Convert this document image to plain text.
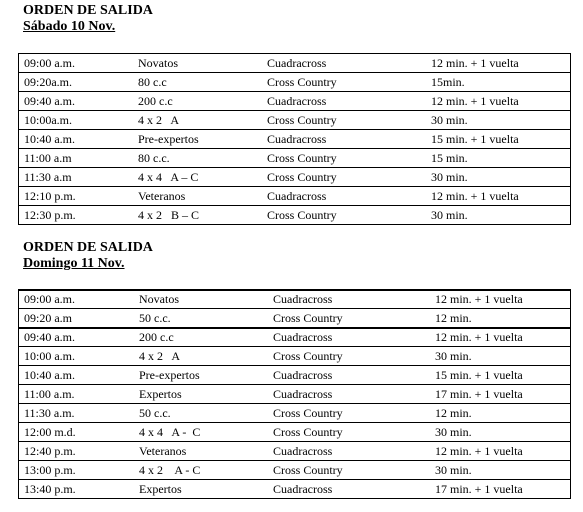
ORDEN DE SALIDA
Sábado 10 Nov.
09:00 a.m.	Novatos	Cuadracross	12 min. + 1 vuelta
09:20a.m.	80 c.c	Cross Country	15min.
09:40 a.m.	200 c.c	Cuadracross	12 min. + 1 vuelta
10:00a.m.	4 x 2   A	Cross Country	30 min.
10:40 a.m.	Pre-expertos	Cuadracross	15 min. + 1 vuelta
11:00 a.m	80 c.c.	Cross Country	15 min.
11:30 a.m	4 x 4   A – C	Cross Country	30 min.
12:10 p.m.	Veteranos	Cuadracross	12 min. + 1 vuelta
12:30 p.m.	4 x 2   B – C	Cross Country	30 min.
ORDEN DE SALIDA
Domingo 11 Nov.
09:00 a.m.	Novatos	Cuadracross	12 min. + 1 vuelta
09:20 a.m	50 c.c.	Cross Country	12 min.
09:40 a.m.	200 c.c	Cuadracross	12 min. + 1 vuelta
10:00 a.m.	4 x 2   A	Cross Country	30 min.
10:40 a.m.	Pre-expertos	Cuadracross	15 min. + 1 vuelta
11:00 a.m.	Expertos	Cuadracross	17 min. + 1 vuelta
11:30 a.m.	50 c.c.	Cross Country	12 min.
12:00 m.d.	4 x 4   A -  C	Cross Country	30 min.
12:40 p.m.	Veteranos	Cuadracross	12 min. + 1 vuelta
13:00 p.m.	4 x 2    A - C	Cross Country	30 min.
13:40 p.m.	Expertos	Cuadracross	17 min. + 1 vuelta
